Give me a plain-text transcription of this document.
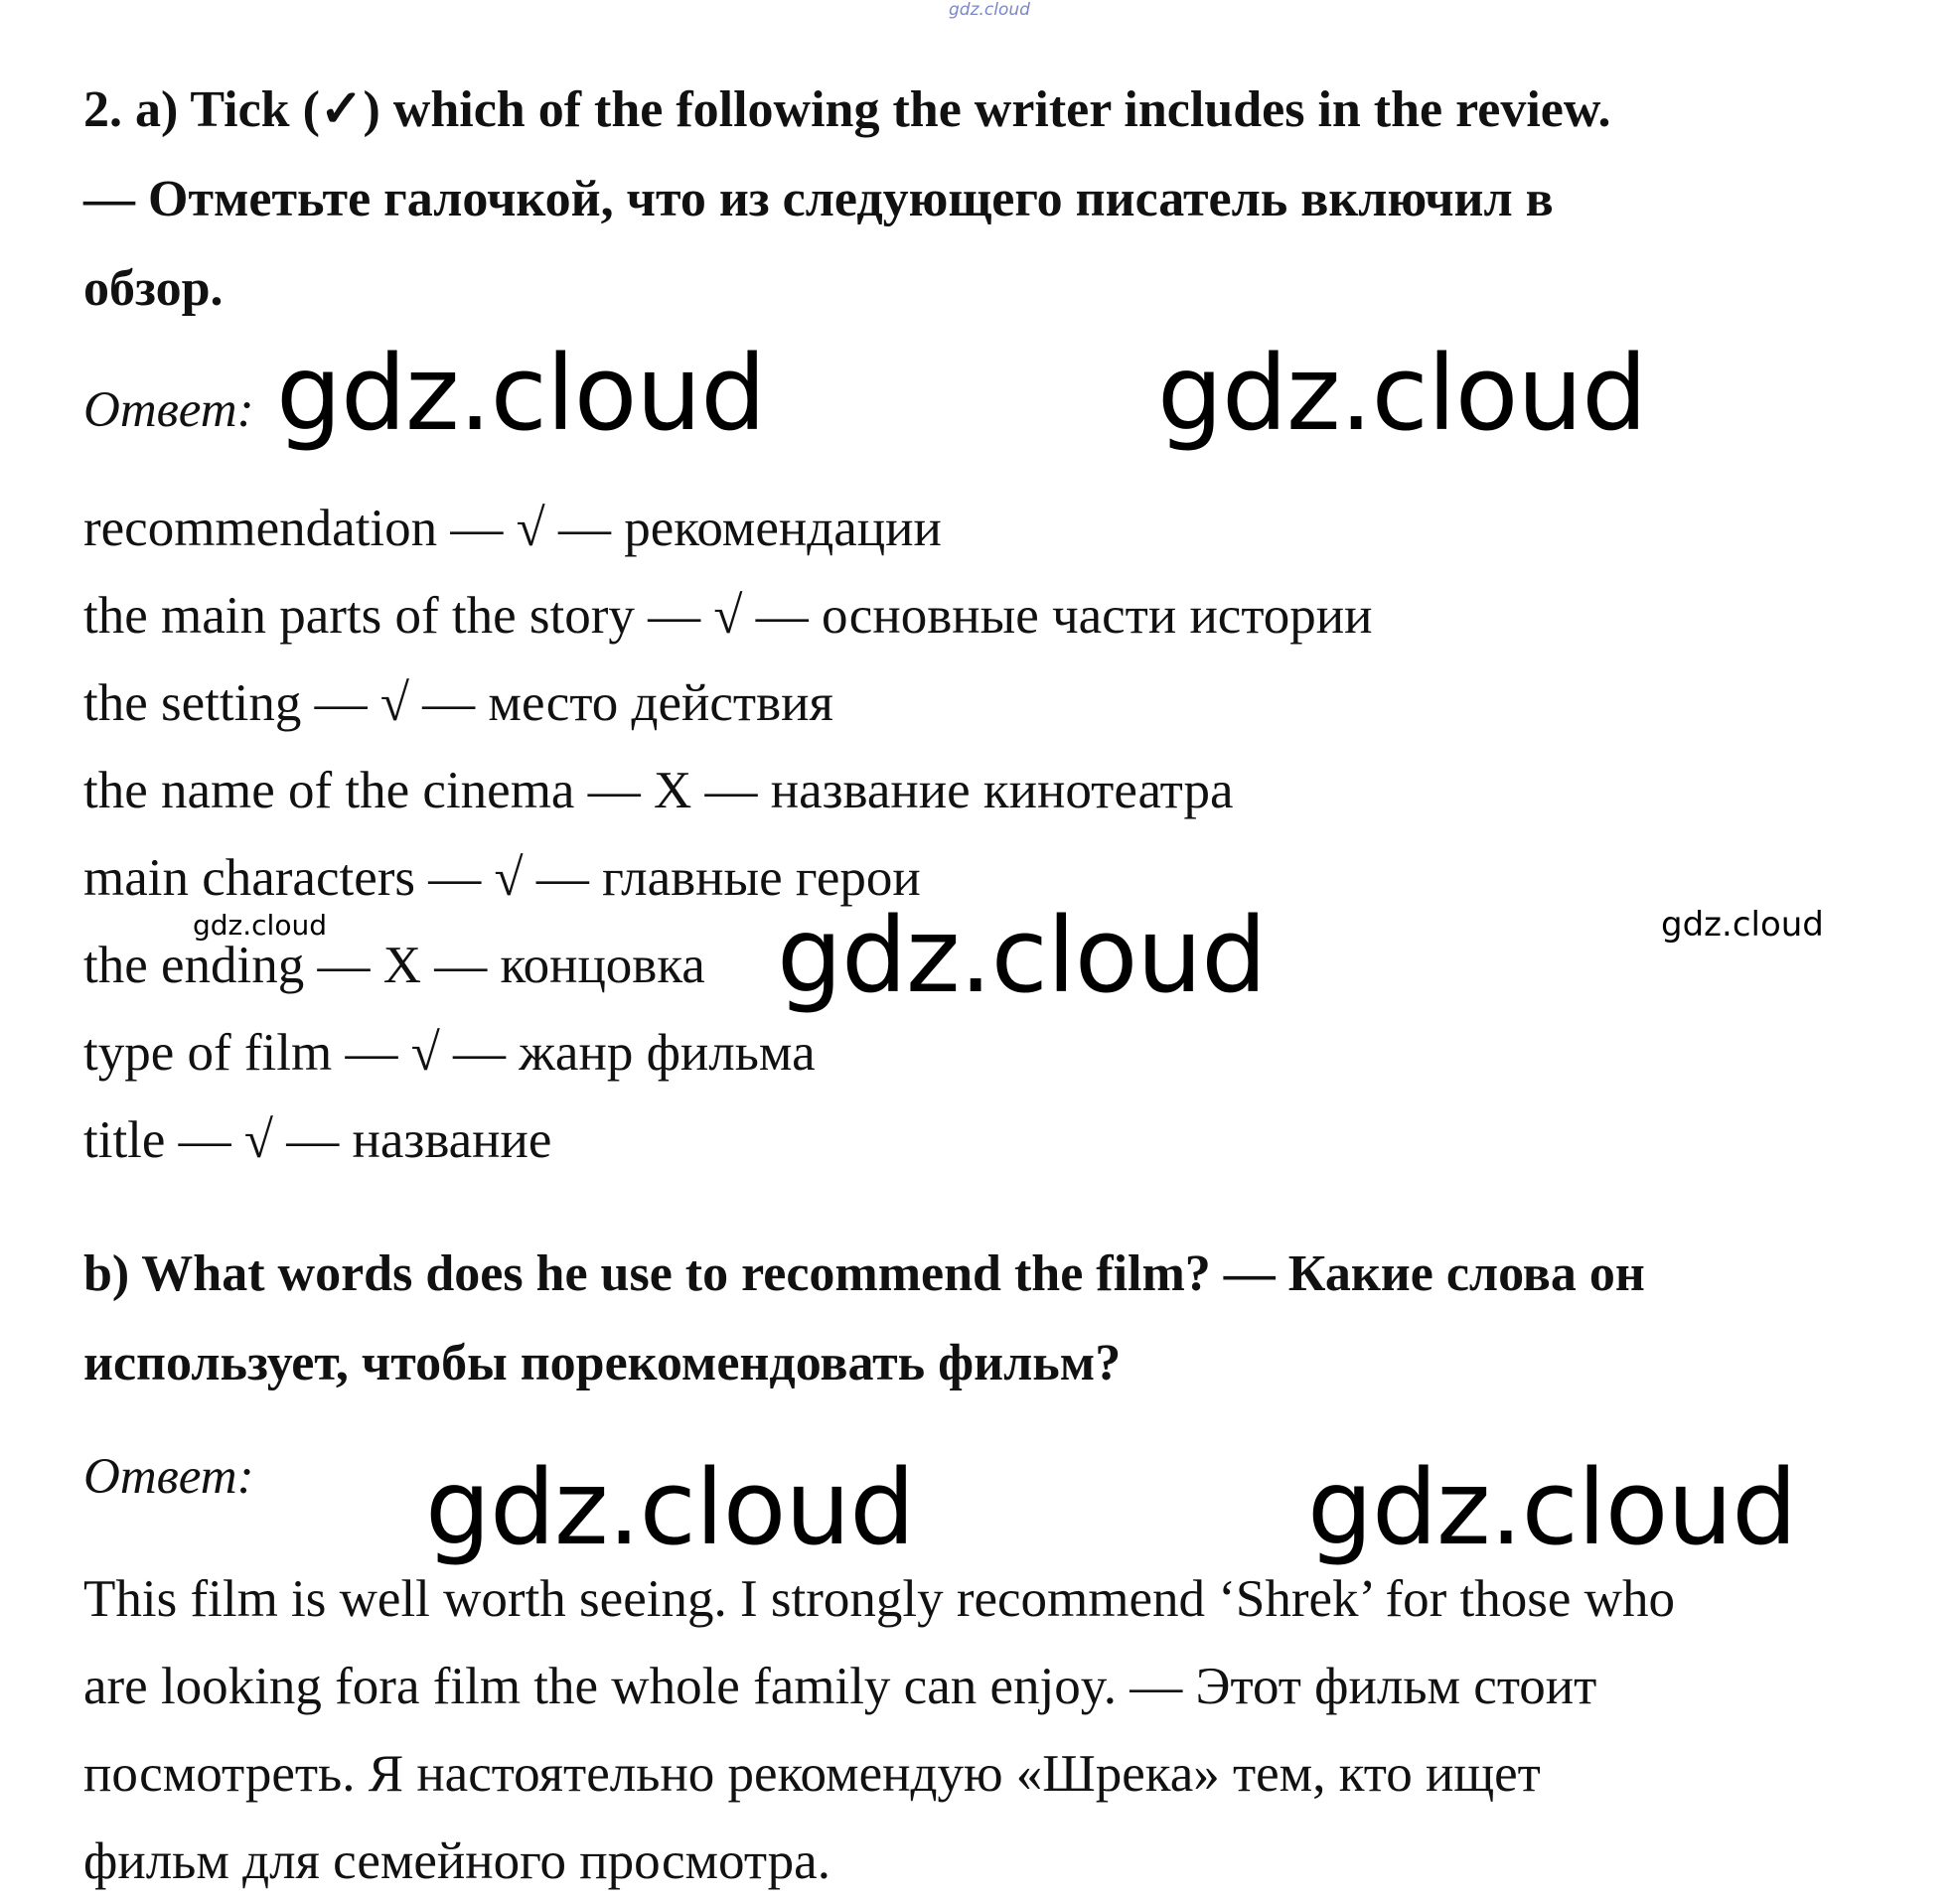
gdz.cloud
2. a) Tick (✓) which of the following the writer includes in the review.
— Отметьте галочкой, что из следующего писатель включил в
обзор.
Ответ: gdz.cloud	gdz.cloud
recommendation — √ — рекомендации
the main parts of the story — √ — основные части истории
the setting — √ — место действия
the name of the cinema — X — название кинотеатра
main characters — √ — главные герои
the ending — X — концовка
type of film — √ — жанр фильма
title — √ — название
gdz.cloud	gdz.cloud	gdz.cloud
b) What words does he use to recommend the film? — Какие слова он
использует, чтобы порекомендовать фильм?
Ответ: gdz.cloud	gdz.cloud
This film is well worth seeing. I strongly recommend ‘Shrek’ for those who
are looking fora film the whole family can enjoy. — Этот фильм стоит
посмотреть. Я настоятельно рекомендую «Шрека» тем, кто ищет
фильм для семейного просмотра.
